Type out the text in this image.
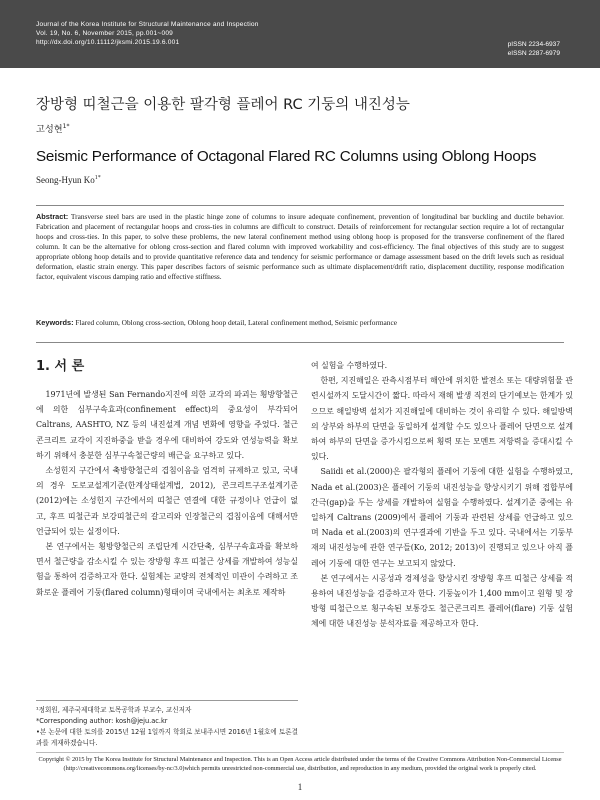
Journal of the Korea Institute for Structural Maintenance and Inspection
Vol. 19, No. 6, November 2015, pp.001~009
http://dx.doi.org/10.11112/jksmi.2015.19.6.001	pISSN 2234-6937
eISSN 2287-6979
장방형 띠철근을 이용한 팔각형 플레어 RC 기둥의 내진성능
고성현$^{1*}$
Seismic Performance of Octagonal Flared RC Columns using Oblong Hoops
Seong-Hyun $Ko^{1*}$

Abstract: Transverse steel bars are used in the plastic hinge zone of columns to insure adequate confinement, prevention of longitudinal bar buckling and ductile behavior. Fabrication and placement of rectangular hoops and cross-ties in columns are difficult to construct. Details of reinforcement for rectangular section require a lot of rectangular hoops and cross-ties. In this paper, to solve these problems, the new lateral confinement method using oblong hoop is proposed for the transverse confinement of the flared column. It can be the alternative for oblong cross-section and flared column with improved workability and cost-efficiency. The final objectives of this study are to suggest appropriate oblong hoop details and to provide quantitative reference data and tendency for seismic performance or damage assessment based on the drift levels such as residual deformation, elastic strain energy. This paper describes factors of seismic performance such as ultimate displacement/drift ratio, displacement ductility, response modification factor, equivalent viscous damping ratio and effective stiffness.

Keywords: Flared column, Oblong cross-section, Oblong hoop detail, Lateral confinement method, Seismic performance

1. 서 론

1971년에 발생된 San Fernando지진에 의한 교각의 파괴는 횡방향철근에 의한 심부구속효과(confinement effect)의 중요성이 부각되어 Caltrans, AASHTO, NZ 등의 내진설계 개념 변화에 영향을 주었다. 철근콘크리트 교각이 지진하중을 받을 경우에 대비하여 강도와 연성능력을 확보하기 위해서 충분한 심부구속철근량의 배근을 요구하고 있다.

소성힌지 구간에서 축방향철근의 겹침이음을 엄격히 규제하고 있고, 국내의 경우 도로교설계기준(한계상태설계법, 2012), 콘크리트구조설계기준(2012)에는 소성힌지 구간에서의 띠철근 연결에 대한 규정이나 언급이 없고, 후프 띠철근과 보강띠철근의 갈고리와 인장철근의 겹침이음에 대해서만 언급되어 있는 실정이다.

본 연구에서는 횡방향철근의 조립단계 시간단축, 심부구속효과를 확보하면서 철근량을 감소시킬 수 있는 장방형 후프 띠철근 상세를 개발하여 성능실험을 통하여 검증하고자 한다. 실험체는 교량의 전체적인 미관이 수려하고 조화로운 플레어 기둥(flared column)형태이며 국내에서는 최초로 제작하

여 실험을 수행하였다.

한편, 지진해일은 관측시점부터 해안에 위치한 발전소 또는 대량위험물 관련시설까지 도달시간이 짧다. 따라서 재해 발생 직전의 단기예보는 한계가 있으므로 해일방벽 설치가 지진해일에 대비하는 것이 유리할 수 있다. 해일방벽의 상부와 하부의 단면을 동일하게 설계할 수도 있으나 플레어 단면으로 설계하여 하부의 단면을 증가시킴으로써 횡력 또는 모멘트 저항력을 증대시킬 수 있다.

Saiidi et al.(2000)은 팔각형의 플레어 기둥에 대한 실험을 수행하였고, Nada et al.(2003)은 플레어 기둥의 내진성능을 향상시키기 위해 접합부에 간극(gap)을 두는 상세를 개발하여 실험을 수행하였다. 설계기준 중에는 유일하게 Caltrans (2009)에서 플레어 기둥과 관련된 상세를 언급하고 있으며 Nada et al.(2003)의 연구결과에 기반을 두고 있다. 국내에서는 기둥부재의 내진성능에 관한 연구들(Ko, 2012; 2013)이 진행되고 있으나 아직 플레어 기둥에 대한 연구는 보고되지 않았다.

본 연구에서는 시공성과 경제성을 향상시킨 장방형 후프 띠철근 상세를 적용하여 내진성능을 검증하고자 한다. 기둥높이가 1,400 mm이고 원형 및 장방형 띠철근으로 횡구속된 보통강도 철근콘크리트 플레어(flare) 기둥 실험체에 대한 내진성능 분석자료를 제공하고자 한다.

¹정회원, 제주국제대학교 토목공학과 부교수, 교신저자
*Corresponding author: kosh@jeju.ac.kr
•본 논문에 대한 토의를 2015년 12월 1일까지 학회로 보내주시면 2016년 1월호에 토론결과를 게재하겠습니다.

Copyright © 2015 by The Korea Institute for Structural Maintenance and Inspection. This is an Open Access article distributed under the terms of the Creative Commons Attribution Non-Commercial License (http://creativecommons.org/licenses/by-nc/3.0)which permits unrestricted non-commercial use, distribution, and reproduction in any medium, provided the original work is properly cited.

1
